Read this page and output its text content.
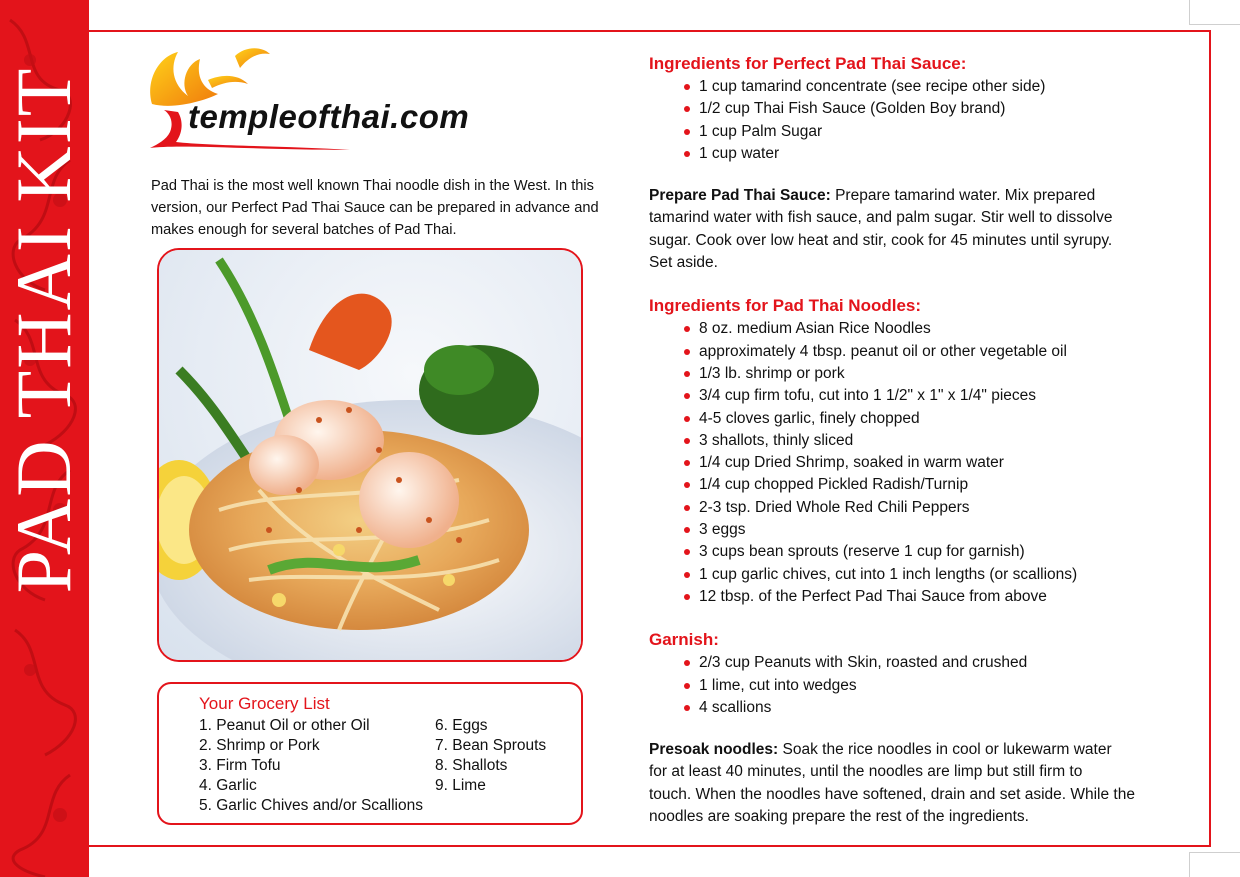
PAD THAI KIT	templeofthai.com
Pad Thai is the most well known Thai noodle dish in the West. In this version, our Perfect Pad Thai Sauce can be prepared in advance and makes enough for several batches of Pad Thai.
Your Grocery List
1. Peanut Oil or other Oil
2. Shrimp or Pork
3. Firm Tofu
4. Garlic
5. Garlic Chives and/or Scallions
6. Eggs
7. Bean Sprouts
8. Shallots
9. Lime
Ingredients for Perfect Pad Thai Sauce:
1 cup tamarind concentrate (see recipe other side)
1/2 cup Thai Fish Sauce (Golden Boy brand)
1 cup Palm Sugar
1 cup water

Prepare Pad Thai Sauce: Prepare tamarind water. Mix prepared
tamarind water with fish sauce, and palm sugar. Stir well to dissolve
sugar. Cook over low heat and stir, cook for 45 minutes until syrupy.
Set aside.

Ingredients for Pad Thai Noodles:
8 oz. medium Asian Rice Noodles
approximately 4 tbsp. peanut oil or other vegetable oil
1/3 lb. shrimp or pork
3/4 cup firm tofu, cut into 1 1/2" x 1" x 1/4" pieces
4-5 cloves garlic, finely chopped
3 shallots, thinly sliced
1/4 cup Dried Shrimp, soaked in warm water
1/4 cup chopped Pickled Radish/Turnip
2-3 tsp. Dried Whole Red Chili Peppers
3 eggs
3 cups bean sprouts (reserve 1 cup for garnish)
1 cup garlic chives, cut into 1 inch lengths (or scallions)
12 tbsp. of the Perfect Pad Thai Sauce from above
Garnish:
2/3 cup Peanuts with Skin, roasted and crushed
1 lime, cut into wedges
4 scallions

Presoak noodles: Soak the rice noodles in cool or lukewarm water
for at least 40 minutes, until the noodles are limp but still firm to
touch. When the noodles have softened, drain and set aside. While the
noodles are soaking prepare the rest of the ingredients.
